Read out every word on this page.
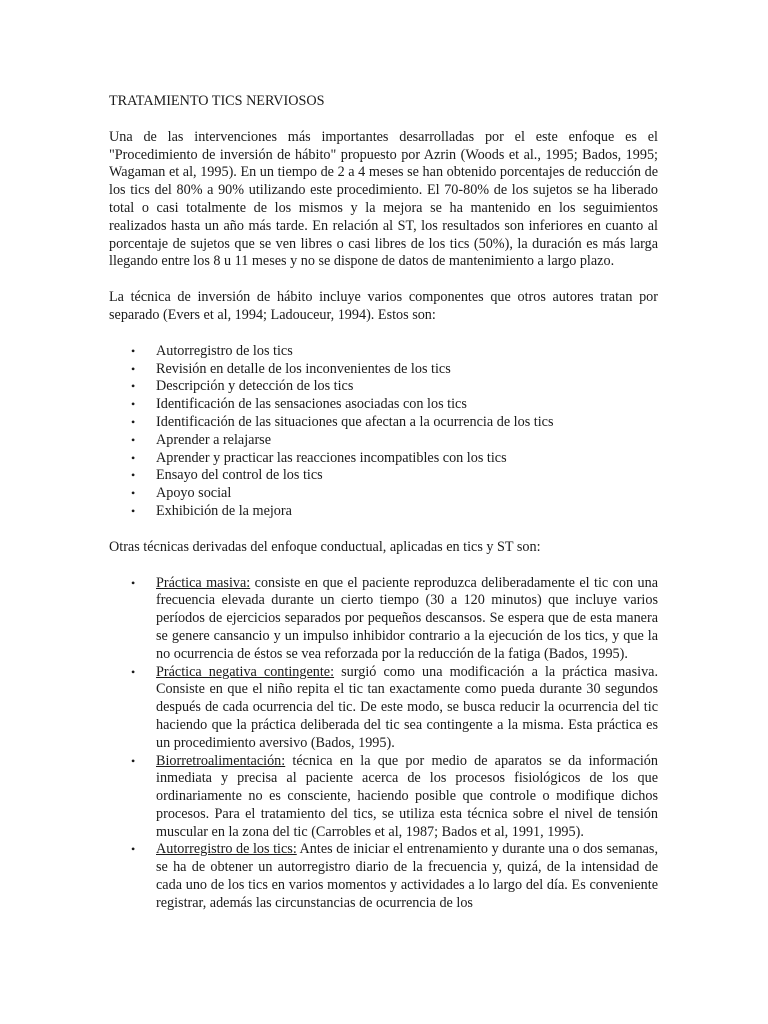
TRATAMIENTO TICS NERVIOSOS

Una de las intervenciones más importantes desarrolladas por el este enfoque es el "Procedimiento de inversión de hábito" propuesto por Azrin (Woods et al., 1995; Bados, 1995; Wagaman et al, 1995). En un tiempo de 2 a 4 meses se han obtenido porcentajes de reducción de los tics del 80% a 90% utilizando este procedimiento. El 70-80% de los sujetos se ha liberado total o casi totalmente de los mismos y la mejora se ha mantenido en los seguimientos realizados hasta un año más tarde. En relación al ST, los resultados son inferiores en cuanto al porcentaje de sujetos que se ven libres o casi libres de los tics (50%), la duración es más larga llegando entre los 8 u 11 meses y no se dispone de datos de mantenimiento a largo plazo.

La técnica de inversión de hábito incluye varios componentes que otros autores tratan por separado (Evers et al, 1994; Ladouceur, 1994). Estos son:

•	Autorregistro de los tics
•	Revisión en detalle de los inconvenientes de los tics
•	Descripción y detección de los tics
•	Identificación de las sensaciones asociadas con los tics
•	Identificación de las situaciones que afectan a la ocurrencia de los tics
•	Aprender a relajarse
•	Aprender y practicar las reacciones incompatibles con los tics
•	Ensayo del control de los tics
•	Apoyo social
•	Exhibición de la mejora

Otras técnicas derivadas del enfoque conductual, aplicadas en tics y ST son:

•	Práctica masiva: consiste en que el paciente reproduzca deliberadamente el tic con una frecuencia elevada durante un cierto tiempo (30 a 120 minutos) que incluye varios períodos de ejercicios separados por pequeños descansos. Se espera que de esta manera se genere cansancio y un impulso inhibidor contrario a la ejecución de los tics, y que la no ocurrencia de éstos se vea reforzada por la reducción de la fatiga (Bados, 1995).
•	Práctica negativa contingente: surgió como una modificación a la práctica masiva. Consiste en que el niño repita el tic tan exactamente como pueda durante 30 segundos después de cada ocurrencia del tic. De este modo, se busca reducir la ocurrencia del tic haciendo que la práctica deliberada del tic sea contingente a la misma. Esta práctica es un procedimiento aversivo (Bados, 1995).
•	Biorretroalimentación: técnica en la que por medio de aparatos se da información inmediata y precisa al paciente acerca de los procesos fisiológicos de los que ordinariamente no es consciente, haciendo posible que controle o modifique dichos procesos. Para el tratamiento del tics, se utiliza esta técnica sobre el nivel de tensión muscular en la zona del tic (Carrobles et al, 1987; Bados et al, 1991, 1995).
•	Autorregistro de los tics: Antes de iniciar el entrenamiento y durante una o dos semanas, se ha de obtener un autorregistro diario de la frecuencia y, quizá, de la intensidad de cada uno de los tics en varios momentos y actividades a lo largo del día. Es conveniente registrar, además las circunstancias de ocurrencia de los
